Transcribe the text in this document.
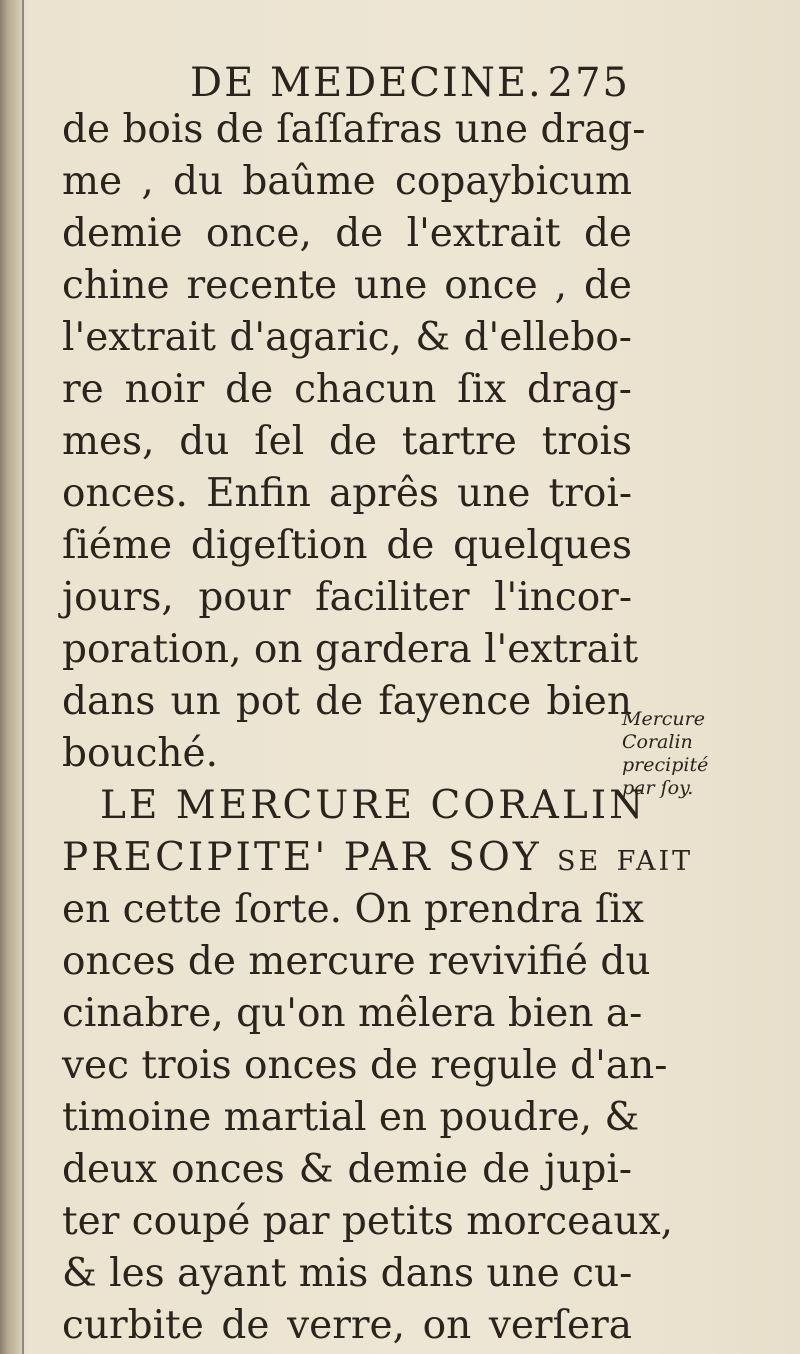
DE MEDECINE. 275
de bois de ſaſſafras une drag-
me , du baûme copaybicum
demie once, de l'extrait de
chine recente une once , de
l'extrait d'agaric, & d'ellebo-
re noir de chacun ſix drag-
mes, du ſel de tartre trois
onces. Enfin aprês une troi-
ſiéme digeſtion de quelques
jours, pour faciliter l'incor-
poration, on gardera l'extrait
dans un pot de fayence bien
bouché.
LE MERCURE CORALIN
PRECIPITE' PAR SOY ſe fait
en cette ſorte. On prendra ſix
onces de mercure revivifié du
cinabre, qu'on mêlera bien a-
vec trois onces de regule d'an-
timoine martial en poudre, &
deux onces & demie de jupi-
ter coupé par petits morceaux,
& les ayant mis dans une cu-
curbite de verre, on verſera
Mercure
Coralin
precipité
par ſoy.
